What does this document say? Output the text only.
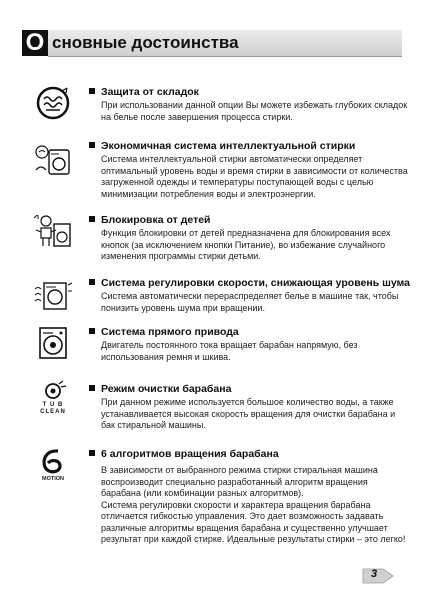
О сновные достоинства
Защита от складок

При использовании данной опции Вы можете избежать глубоких складок на белье после завершения процесса стирки.

Экономичная система интеллектуальной стирки

Система интеллектуальной стирки автоматически определяет оптимальный уровень воды и время стирки в зависимости от количества загруженной одежды и температуры поступающей воды с целью минимизации потребления воды и электроэнергии.

Блокировка от детей

Функция блокировки от детей предназначена для блокирования всех кнопок (за исключением кнопки Питание), во избежание случайного изменения программы стирки детьми.

Система регулировки скорости, снижающая уровень шума

Система автоматически перераспределяет белье в машине так, чтобы понизить уровень шума при вращении.

Система прямого привода

Двигатель постоянного тока вращает барабан напрямую, без использования ремня и шкива.

T U B
CLEAN
Режим очистки барабана

При данном режиме используется большое количество воды, а также устанавливается высокая скорость вращения для очистки барабана и бак стиральной машины.

MOTION
6 алгоритмов вращения барабана

В зависимости от выбранного режима стирки стиральная машина воспроизводит специально разработанный алгоритм вращения барабана (или комбинации разных алгоритмов).

Система регулировки скорости и характера вращения барабана отличается гибкостью управления. Это дает возможность задавать различные алгоритмы вращения барабана и существенно улучшает результат при каждой стирке. Идеальные результаты стирки – это легко!

3
